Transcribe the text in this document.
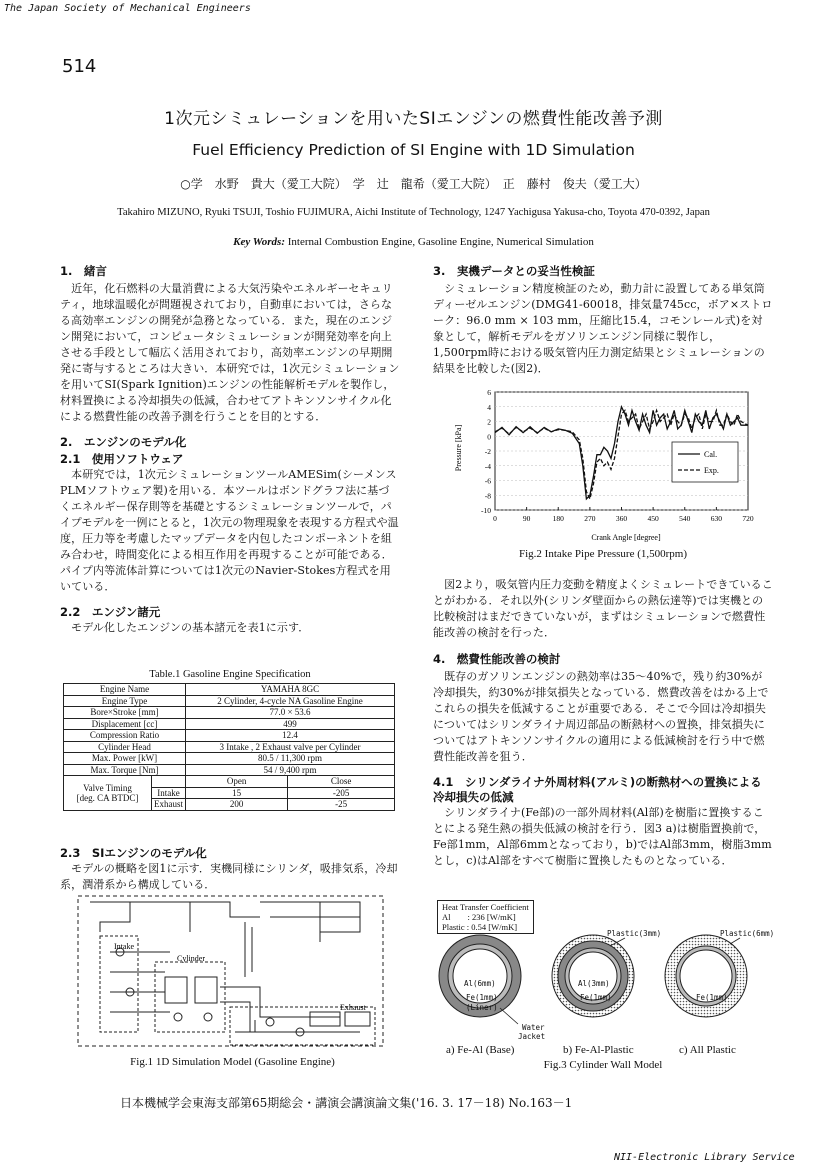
The Japan Society of Mechanical Engineers
514
1次元シミュレーションを用いたSIエンジンの燃費性能改善予測
Fuel Efficiency Prediction of SI Engine with 1D Simulation
○学　水野　貴大（愛工大院）　学　辻　龍希（愛工大院）　正　藤村　俊夫（愛工大）
Takahiro MIZUNO, Ryuki TSUJI, Toshio FUJIMURA, Aichi Institute of Technology, 1247 Yachigusa Yakusa-cho, Toyota 470-0392, Japan
Key Words: Internal Combustion Engine, Gasoline Engine, Numerical Simulation

1.　緒言

　近年，化石燃料の大量消費による大気汚染やエネルギーセキュリティ，地球温暖化が問題視されており，自動車においては，さらなる高効率エンジンの開発が急務となっている．また，現在のエンジン開発において，コンピュータシミュレーションが開発効率を向上させる手段として幅広く活用されており，高効率エンジンの早期開発に寄与するところは大きい．本研究では，1次元シミュレーションを用いてSI(Spark Ignition)エンジンの性能解析モデルを製作し，材料置換による冷却損失の低減，合わせてアトキンソンサイクル化による燃費性能の改善予測を行うことを目的とする．

2.　エンジンのモデル化

2.1　使用ソフトウェア

　本研究では，1次元シミュレーションツールAMESim(シーメンスPLMソフトウェア製)を用いる．本ツールはボンドグラフ法に基づくエネルギー保存則等を基礎とするシミュレーションツールで，パイプモデルを一例にとると，1次元の物理現象を表現する方程式や温度，圧力等を考慮したマップデータを内包したコンポーネントを組み合わせ，時間変化による相互作用を再現することが可能である．パイプ内等流体計算については1次元のNavier-Stokes方程式を用いている．

2.2　エンジン諸元

　モデル化したエンジンの基本諸元を表1に示す．

Table.1 Gasoline Engine Specification
Engine Name		YAMAHA 8GC	
Engine Type		2 Cylinder, 4-cycle NA Gasoline Engine	
Bore×Stroke [mm]		77.0 × 53.6	
Displacement [cc]		499	
Compression Ratio		12.4	
Cylinder Head		3 Intake , 2 Exhaust valve per Cylinder	
Max. Power [kW]		80.5 / 11,300 rpm	
Max. Torque [Nm]		54 / 9,400 rpm	
Valve Timing
[deg. CA BTDC]		Open	Close
	Intake	15	-205
	Exhaust	200	-25

2.3　SIエンジンのモデル化

　モデルの概略を図1に示す．実機同様にシリンダ，吸排気系，冷却系，潤滑系から構成している．

Intake
Cylinder
Exhaust
Fig.1 1D Simulation Model (Gasoline Engine)

3.　実機データとの妥当性検証

　シミュレーション精度検証のため，動力計に設置してある単気筒ディーゼルエンジン(DMG41-60018，排気量745cc，ボア×ストローク：96.0 mm × 103 mm，圧縮比15.4，コモンレール式)を対象として，解析モデルをガソリンエンジン同様に製作し，1,500rpm時における吸気管内圧力測定結果とシミュレーションの結果を比較した(図2)．

6
4
2
0
-2
-4
-6
-8
-10
0	90	180	270	360	450	540	630	720
Cal.
Exp.
Pressure [kPa]
Crank Angle [degree]
Fig.2 Intake Pipe Pressure (1,500rpm)

　図2より，吸気管内圧力変動を精度よくシミュレートできていることがわかる．それ以外(シリンダ壁面からの熱伝達等)では実機との比較検討はまだできていないが，まずはシミュレーションで燃費性能改善の検討を行った．

4.　燃費性能改善の検討

　既存のガソリンエンジンの熱効率は35～40%で，残り約30%が冷却損失，約30%が排気損失となっている．燃費改善をはかる上でこれらの損失を低減することが重要である．そこで今回は冷却損失についてはシリンダライナ周辺部品の断熱材への置換，排気損失についてはアトキンソンサイクルの適用による低減検討を行う中で燃費性能改善を狙う．

4.1　シリンダライナ外周材料(アルミ)の断熱材への置換による冷却損失の低減

　シリンダライナ(Fe部)の一部外周材料(Al部)を樹脂に置換することによる発生熱の損失低減の検討を行う．図3 a)は樹脂置換前で，Fe部1mm，Al部6mmとなっており，b)ではAl部3mm，樹脂3mmとし，c)はAl部をすべて樹脂に置換したものとなっている．

Heat Transfer Coefficient
Al　　: 236 [W/mK]
Plastic : 0.54 [W/mK]
Al(6mm)
Fe(1mm)
(Liner)
Al(3mm)
Fe(1mm)	Fe(1mm)
Plastic(3mm)	Plastic(6mm)
Water
Jacket
a) Fe-Al (Base)	b) Fe-Al-Plastic	c) All Plastic
Fig.3 Cylinder Wall Model
日本機械学会東海支部第65期総会・講演会講演論文集('16. 3. 17－18) No.163－1
NII-Electronic Library Service
